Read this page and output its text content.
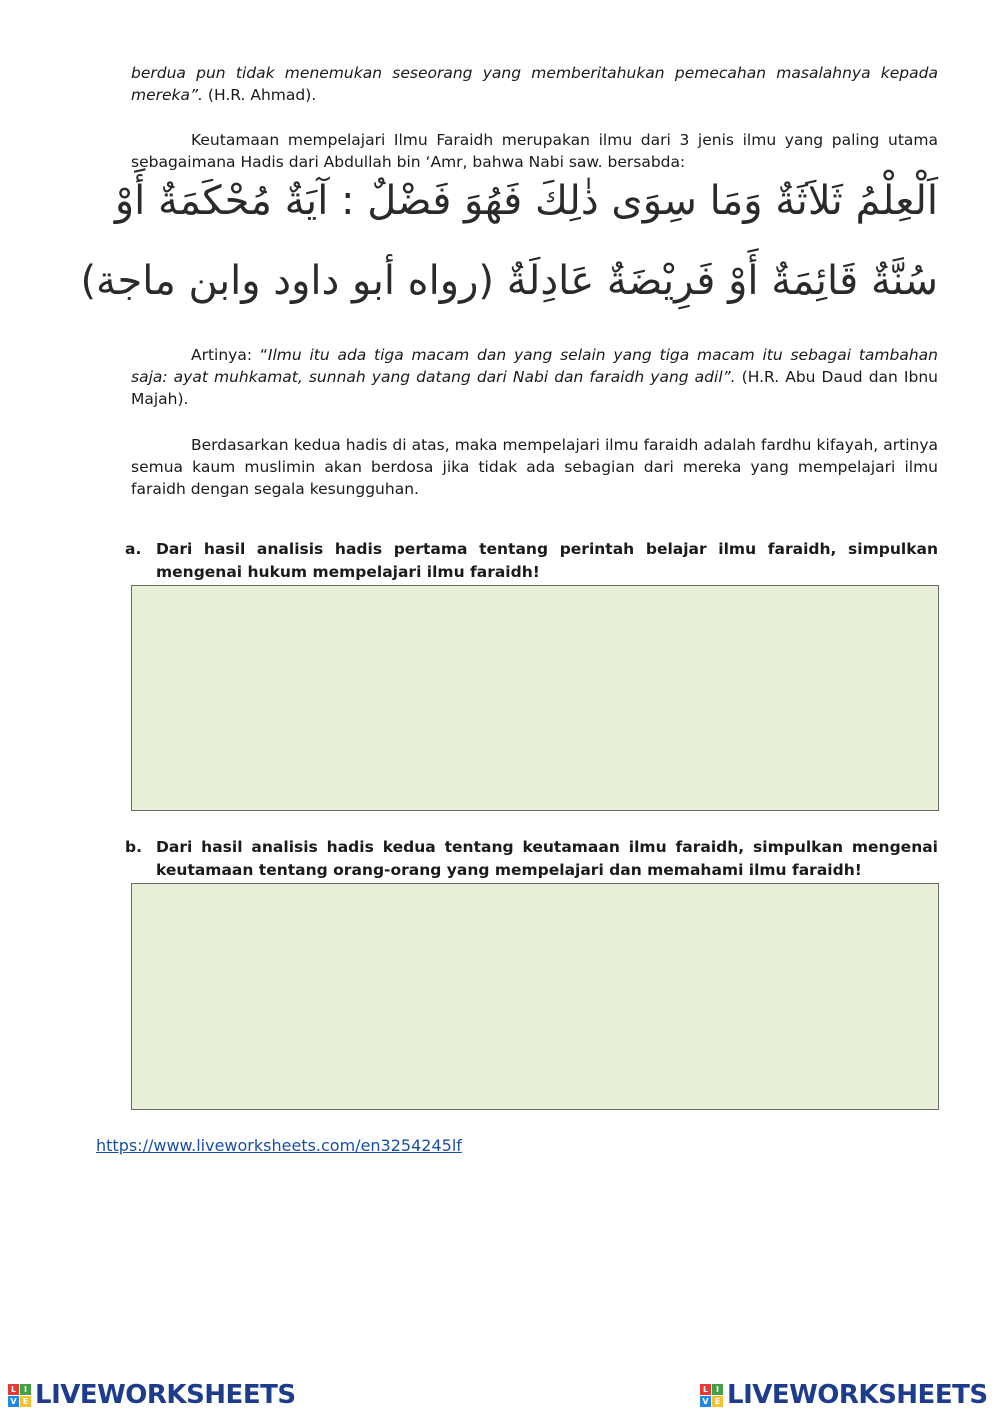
berdua pun tidak menemukan seseorang yang memberitahukan pemecahan masalahnya kepada mereka”. (H.R. Ahmad).

Keutamaan mempelajari Ilmu Faraidh merupakan ilmu dari 3 jenis ilmu yang paling utama sebagaimana Hadis dari Abdullah bin ‘Amr, bahwa Nabi saw. bersabda:

اَلْعِلْمُ ثَلاَثَةٌ وَمَا سِوَى ذٰلِكَ فَهُوَ فَضْلٌ : آيَةٌ مُحْكَمَةٌ أَوْ
سُنَّةٌ قَائِمَةٌ أَوْ فَرِيْضَةٌ عَادِلَةٌ (رواه أبو داود وابن ماجة)

Artinya: “Ilmu itu ada tiga macam dan yang selain yang tiga macam itu sebagai tambahan saja: ayat muhkamat, sunnah yang datang dari Nabi dan faraidh yang adil”. (H.R. Abu Daud dan Ibnu Majah).

Berdasarkan kedua hadis di atas, maka mempelajari ilmu faraidh adalah fardhu kifayah, artinya semua kaum muslimin akan berdosa jika tidak ada sebagian dari mereka yang mempelajari ilmu faraidh dengan segala kesungguhan.

a. Dari hasil analisis hadis pertama tentang perintah belajar ilmu faraidh, simpulkan mengenai hukum mempelajari ilmu faraidh!
b. Dari hasil analisis hadis kedua tentang keutamaan ilmu faraidh, simpulkan mengenai keutamaan tentang orang-orang yang mempelajari dan memahami ilmu faraidh!
https://www.liveworksheets.com/en3254245lf
L I
V E LIVEWORKSHEETS	L I
V E LIVEWORKSHEETS
